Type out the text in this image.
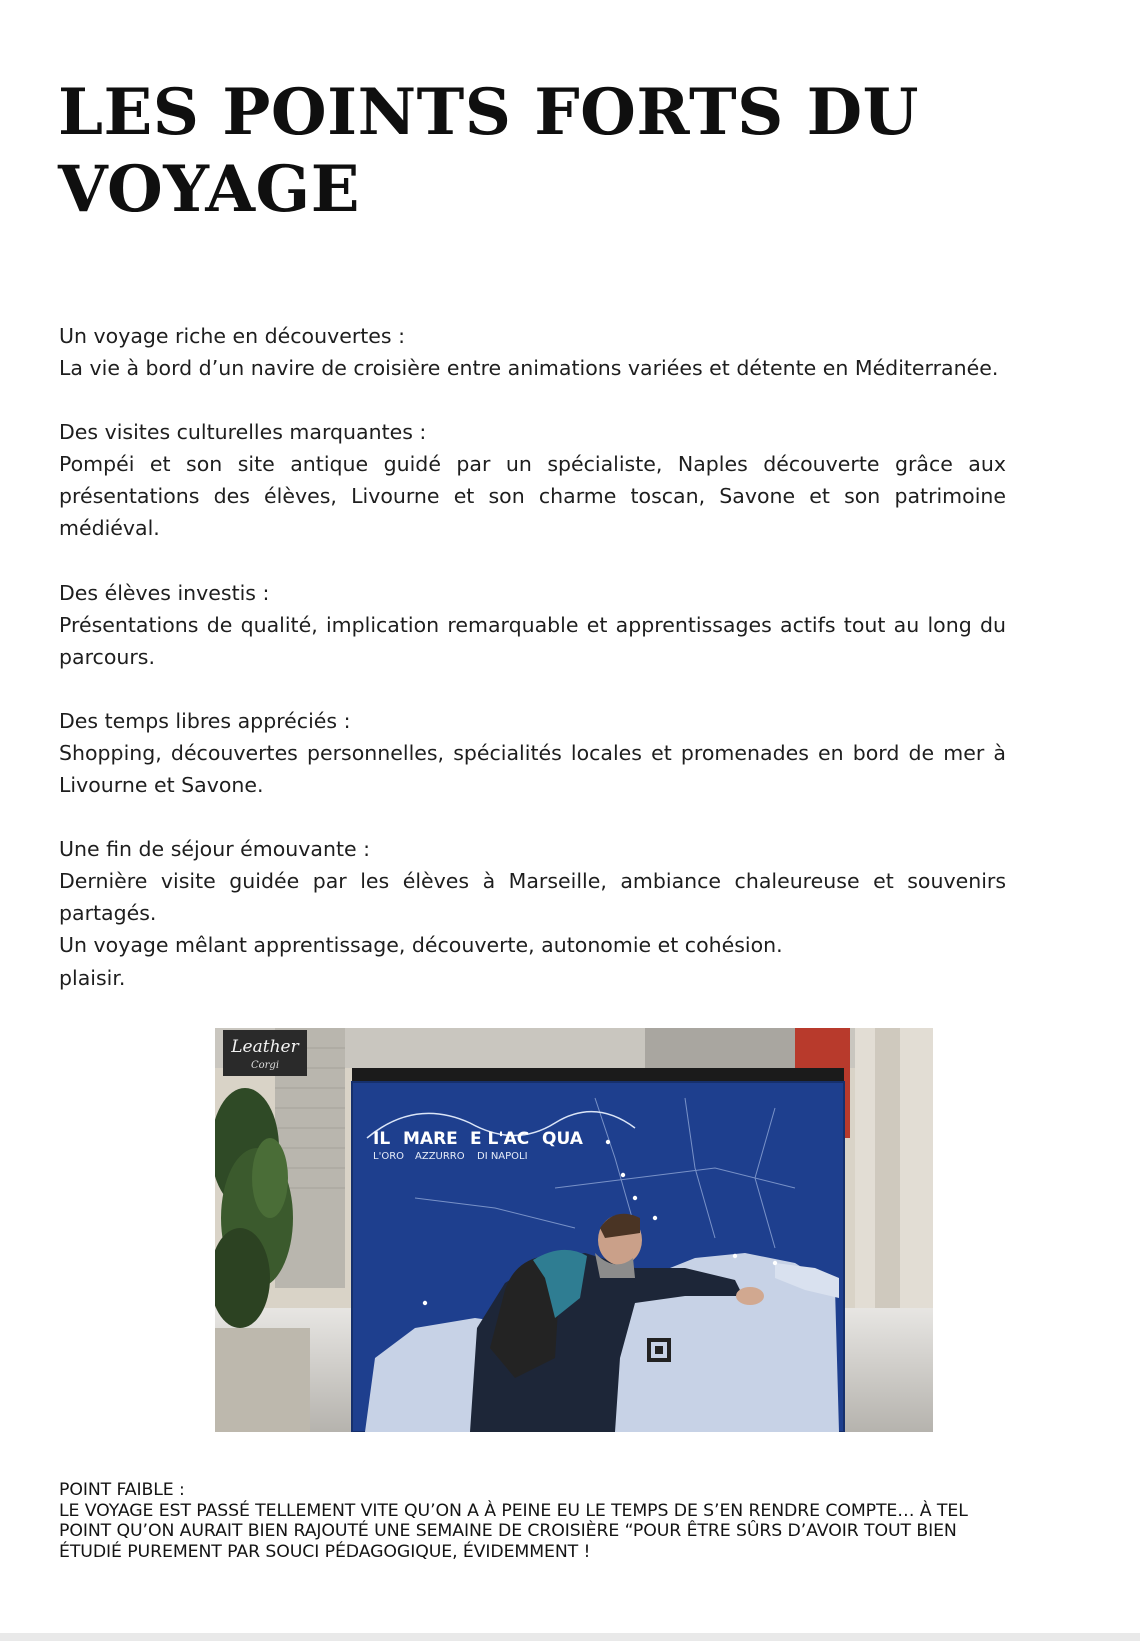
LES POINTS FORTS DU VOYAGE

Un voyage riche en découvertes :

La vie à bord d’un navire de croisière entre animations variées et détente en Méditerranée.

Des visites culturelles marquantes :

Pompéi et son site antique guidé par un spécialiste, Naples découverte grâce aux présentations des élèves, Livourne et son charme toscan, Savone et son patrimoine médiéval.

Des élèves investis :

Présentations de qualité, implication remarquable et apprentissages actifs tout au long du parcours.

Des temps libres appréciés :

Shopping, découvertes personnelles, spécialités locales et promenades en bord de mer à Livourne et Savone.

Une fin de séjour émouvante :

Dernière visite guidée par les élèves à Marseille, ambiance chaleureuse et souvenirs partagés.

Un voyage mêlant apprentissage, découverte, autonomie et cohésion.

plaisir.

Leather
Corgi
IL MARE E L'AC QUA
L'ORO AZZURRO DI NAPOLI

POINT FAIBLE :

LE VOYAGE EST PASSÉ TELLEMENT VITE QU’ON A À PEINE EU LE TEMPS DE S’EN RENDRE COMPTE… À TEL POINT QU’ON AURAIT BIEN RAJOUTÉ UNE SEMAINE DE CROISIÈRE “POUR ÊTRE SÛRS D’AVOIR TOUT BIEN ÉTUDIÉ PUREMENT PAR SOUCI PÉDAGOGIQUE, ÉVIDEMMENT !
